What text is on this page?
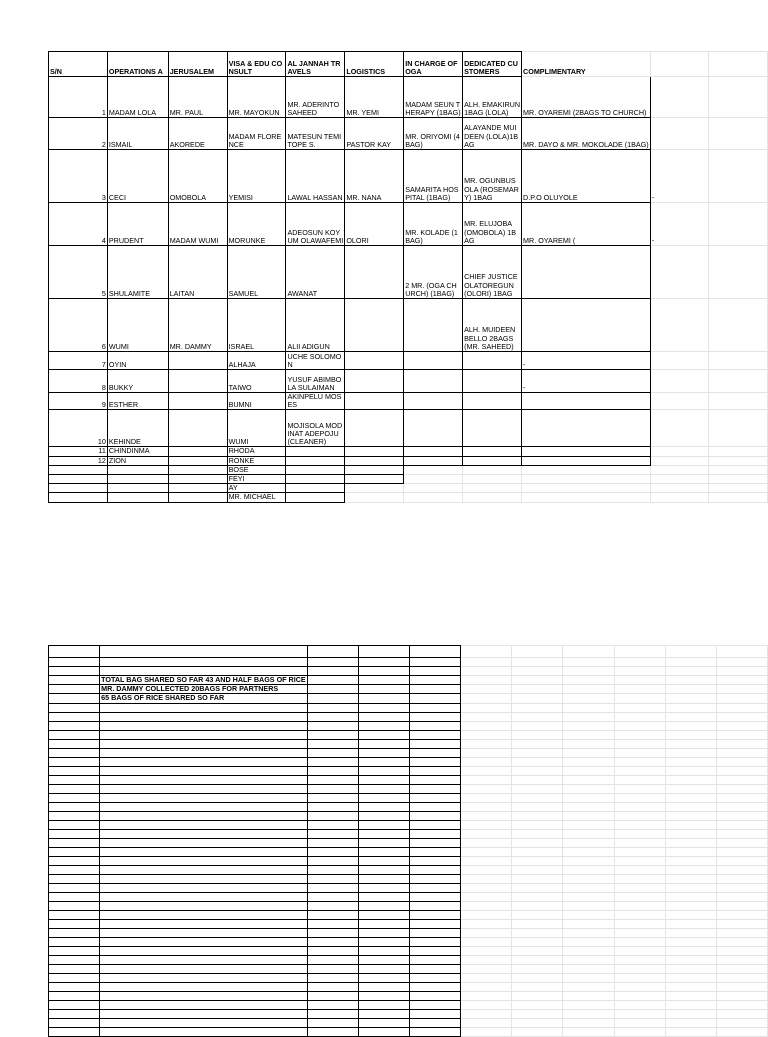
S/N	OPERATIONS A	JERUSALEM	VISA & EDU CONSULT	AL JANNAH TRAVELS	LOGISTICS	IN CHARGE OF OGA	DEDICATED CUSTOMERS	COMPLIMENTARY		
1	MADAM LOLA	MR. PAUL	MR. MAYOKUN	MR. ADERINTO SAHEED	MR. YEMI	MADAM SEUN THERAPY (1BAG)	ALH. EMAKIRUN1BAG (LOLA)	MR. OYAREMI (2BAGS TO CHURCH)		
2	ISMAIL	AKOREDE	MADAM FLORENCE	MATESUN TEMITOPE S.	PASTOR KAY	MR. ORIYOMI (4BAG)	ALAYANDE MUIDEEN (LOLA)1BAG	MR. DAYO & MR. MOKOLADE (1BAG)		
3	CECI	OMOBOLA	YEMISI	LAWAL HASSAN	MR. NANA	SAMARITA HOSPITAL (1BAG)	MR. OGUNBUSOLA (ROSEMARY) 1BAG	D.P.O OLUYOLE	-	
4	PRUDENT	MADAM WUMI	MORUNKE	ADEOSUN KOYUM OLAWAFEMI	OLORI	MR. KOLADE (1BAG)	MR. ELUJOBA (OMOBOLA) 1BAG	MR. OYAREMI (	-	
5	SHULAMITE	LAITAN	SAMUEL	AWANAT		2 MR. (OGA CHURCH) (1BAG)	CHIEF JUSTICE OLATOREGUN(OLORI) 1BAG			
6	WUMI	MR. DAMMY	ISRAEL	ALII ADIGUN			ALH. MUIDEEN BELLO 2BAGS(MR. SAHEED)			
7	OYIN		ALHAJA	UCHE SOLOMON				-		
8	BUKKY		TAIWO	YUSUF ABIMBOLA SULAIMAN				-		
9	ESTHER		BUMNI	AKINPELU MOSES						
10	KEHINDE		WUMI	MOJISOLA MODINAT ADEPOJU (CLEANER)						
11	CHINDINMA		RHODA							
12	ZION		RONKE							
			BOSE							
			FEYI							
			AY							
			MR. MICHAEL							

	TOTAL BAG SHARED SO FAR 43 AND HALF BAGS OF RICE									
	MR. DAMMY COLLECTED 20BAGS FOR PARTNERS									
	65 BAGS OF RICE SHARED SO FAR									
